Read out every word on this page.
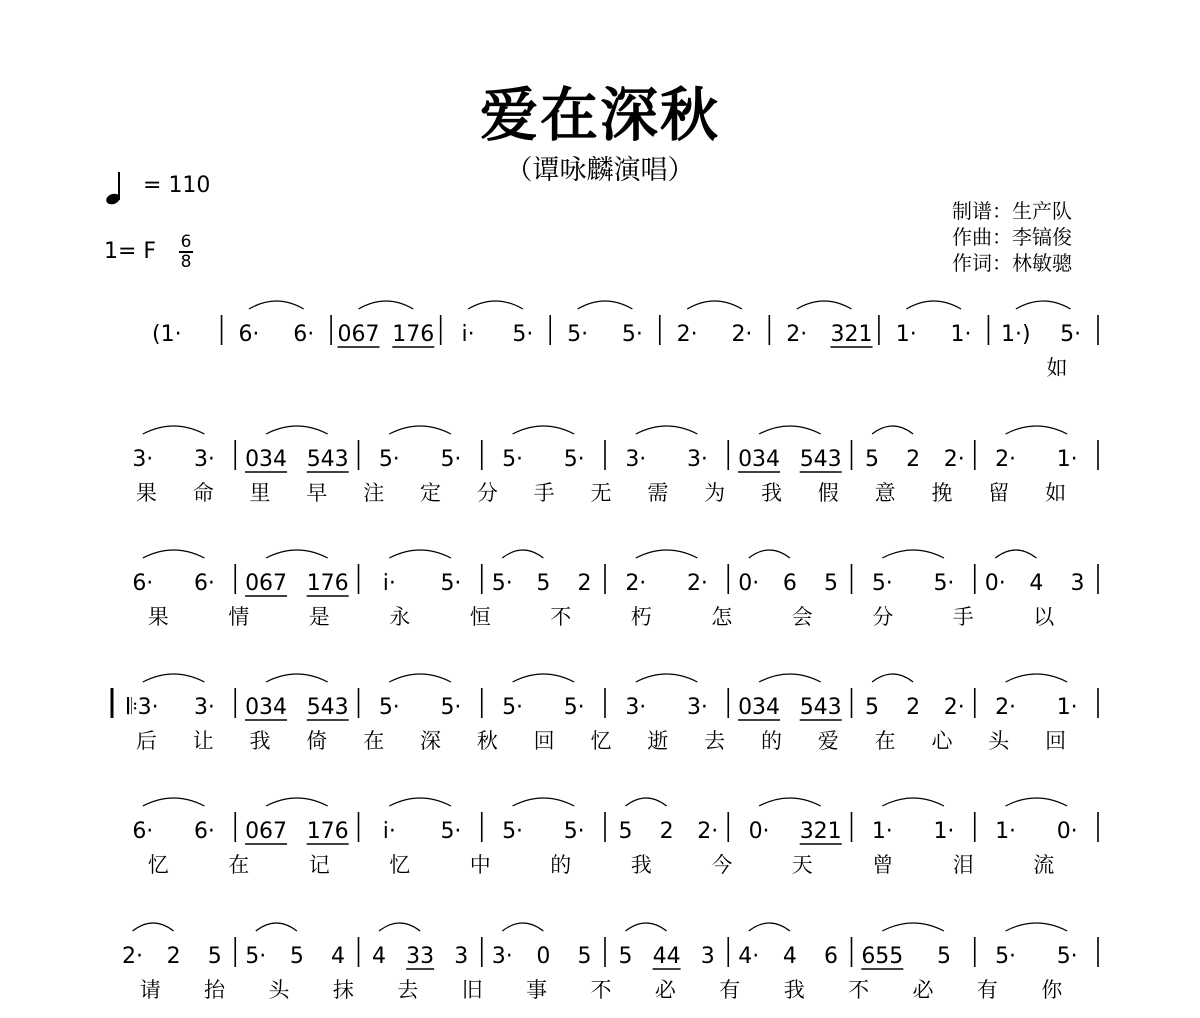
爱在深秋
（谭咏麟演唱）
= 110
1= F $\frac{6}{8}$
制谱：生产队
作曲：李镐俊
作词：林敏骢
(1·	6· 6· 067 176 i· 5· 5· 5· 2· 2· 2· 321 1· 1· 1·) 5·
如
3· 3· 034 543 5· 5· 5· 5· 3· 3· 034 543 5 2 2· 2· 1·
果 命 里 早 注 定 分 手 无 需 为 我 假 意 挽 留 如
6· 6· 067 176 i· 5· 5· 5 2 2· 2· 0· 6 5 5· 5· 0· 4 3
果	情	是	永	恒	不	朽	怎	会	分	手	以
𝄆3· 3· 034 543 5· 5· 5· 5· 3· 3· 034 543 5 2 2· 2· 1·
后 让 我 倚 在 深 秋 回 忆 逝 去 的 爱 在 心 头 回
6· 6· 067 176 i· 5· 5· 5· 5 2 2· 0· 321 1· 1· 1· 0·
忆	在	记	忆	中	的	我	今	天	曾	泪	流
2· 2 5 5· 5 4 4 33 3 3· 0 5 5 44 3 4· 4 6 655 5 5· 5·
请 抬 头 抹 去 旧 事 不 必 有 我 不 必 有 你
